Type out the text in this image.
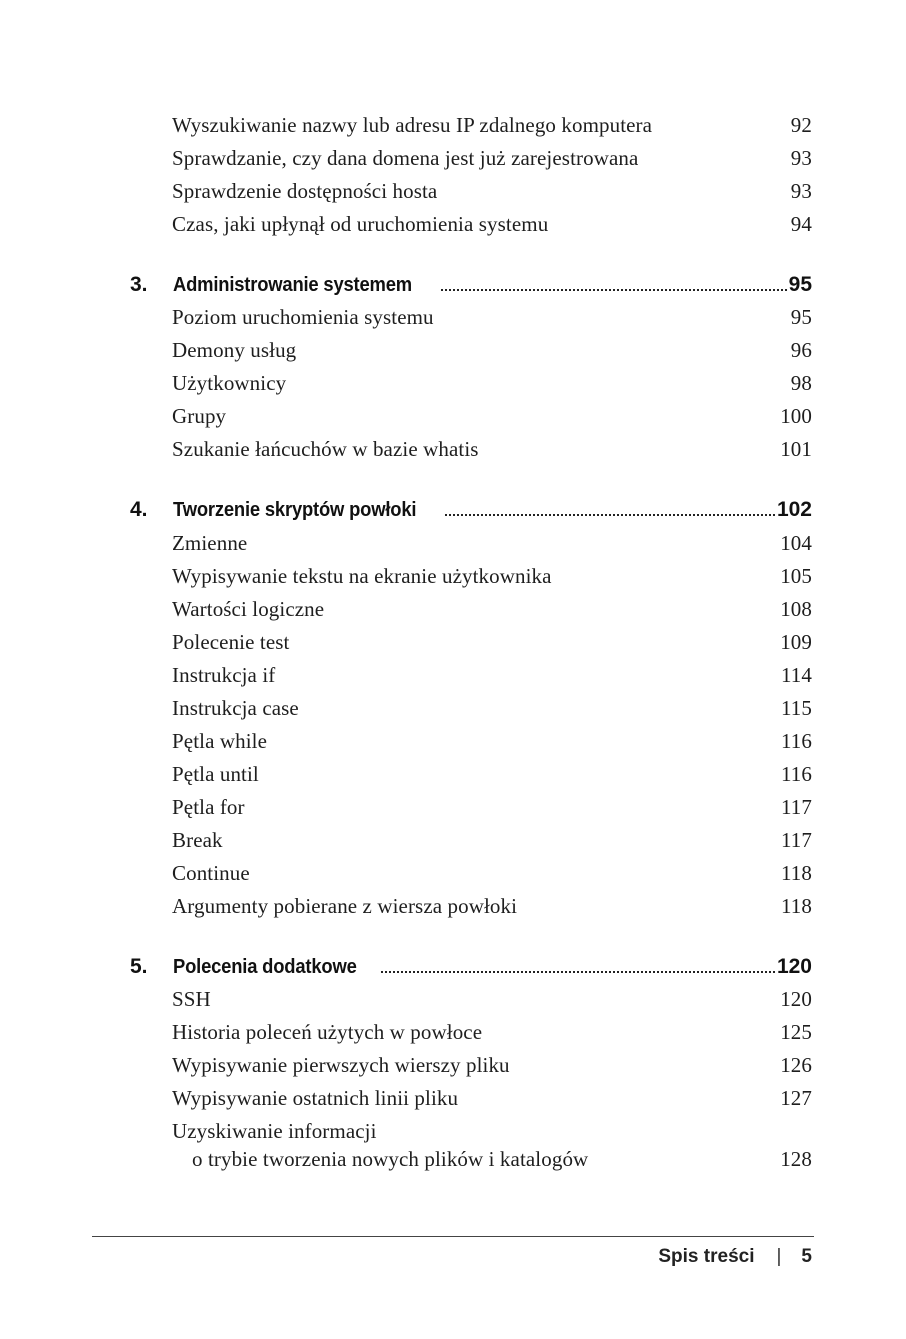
Wyszukiwanie nazwy lub adresu IP zdalnego komputera	92
Sprawdzanie, czy dana domena jest już zarejestrowana	93
Sprawdzenie dostępności hosta	93
Czas, jaki upłynął od uruchomienia systemu	94
3.	Administrowanie systemem	95
Poziom uruchomienia systemu	95
Demony usług	96
Użytkownicy	98
Grupy	100
Szukanie łańcuchów w bazie whatis	101
4.	Tworzenie skryptów powłoki	102
Zmienne	104
Wypisywanie tekstu na ekranie użytkownika	105
Wartości logiczne	108
Polecenie test	109
Instrukcja if	114
Instrukcja case	115
Pętla while	116
Pętla until	116
Pętla for	117
Break	117
Continue	118
Argumenty pobierane z wiersza powłoki	118
5.	Polecenia dodatkowe	120
SSH	120
Historia poleceń użytych w powłoce	125
Wypisywanie pierwszych wierszy pliku	126
Wypisywanie ostatnich linii pliku	127
Uzyskiwanie informacji
o trybie tworzenia nowych plików i katalogów	128
Spis treści | 5
